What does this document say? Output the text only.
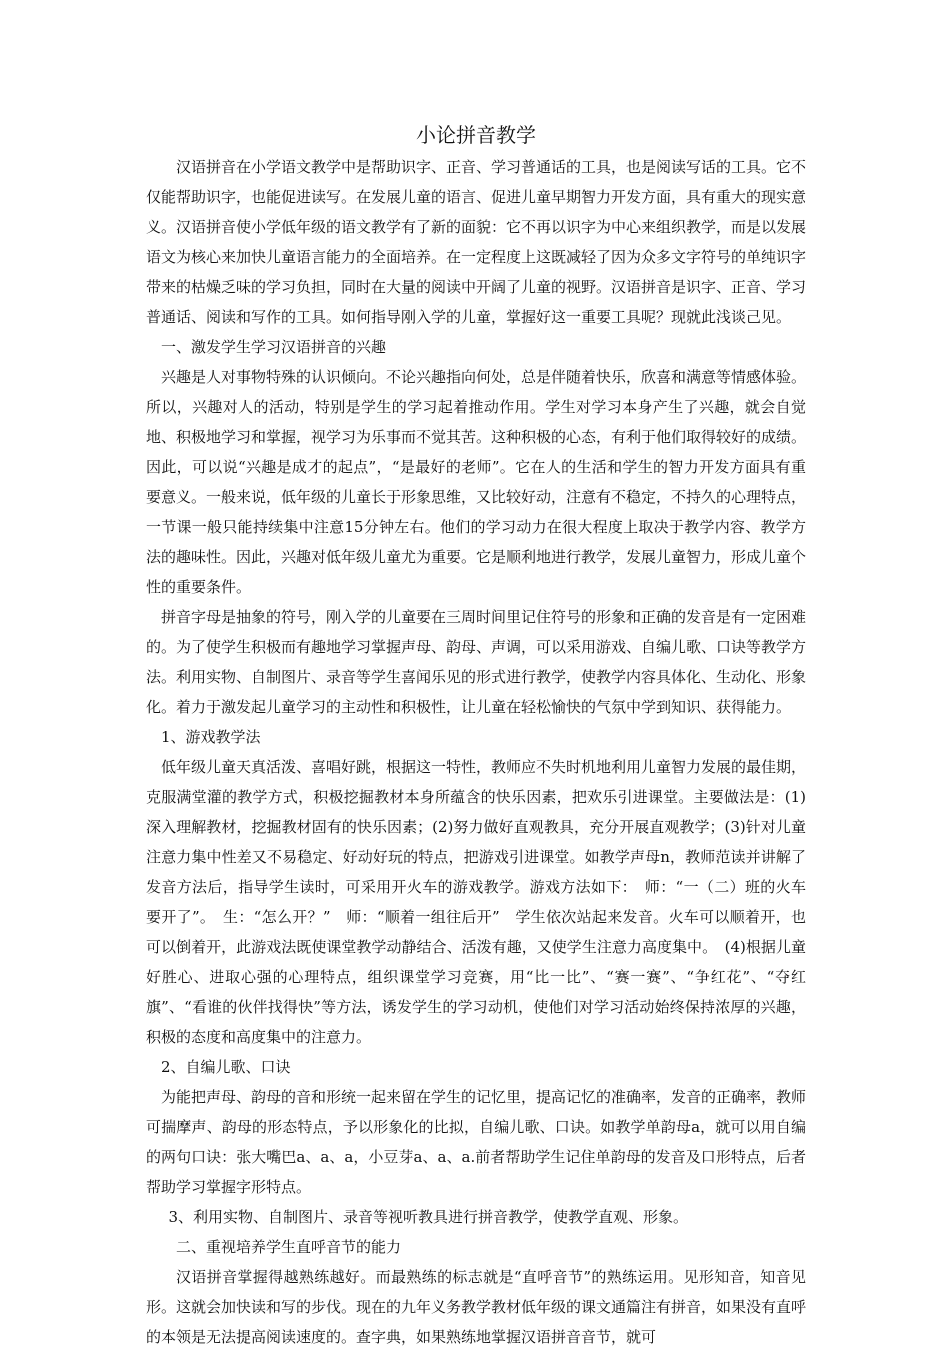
小论拼音教学

汉语拼音在小学语文教学中是帮助识字、正音、学习普通话的工具，也是阅读写话的工具。它不仅能帮助识字，也能促进读写。在发展儿童的语言、促进儿童早期智力开发方面，具有重大的现实意义。汉语拼音使小学低年级的语文教学有了新的面貌：它不再以识字为中心来组织教学，而是以发展语文为核心来加快儿童语言能力的全面培养。在一定程度上这既减轻了因为众多文字符号的单纯识字带来的枯燥乏味的学习负担，同时在大量的阅读中开阔了儿童的视野。汉语拼音是识字、正音、学习普通话、阅读和写作的工具。如何指导刚入学的儿童，掌握好这一重要工具呢？现就此浅谈己见。

一、激发学生学习汉语拼音的兴趣

兴趣是人对事物特殊的认识倾向。不论兴趣指向何处，总是伴随着快乐，欣喜和满意等情感体验。所以，兴趣对人的活动，特别是学生的学习起着推动作用。学生对学习本身产生了兴趣，就会自觉地、积极地学习和掌握，视学习为乐事而不觉其苦。这种积极的心态，有利于他们取得较好的成绩。因此，可以说“兴趣是成才的起点”，“是最好的老师”。它在人的生活和学生的智力开发方面具有重要意义。一般来说，低年级的儿童长于形象思维，又比较好动，注意有不稳定，不持久的心理特点，一节课一般只能持续集中注意15分钟左右。他们的学习动力在很大程度上取决于教学内容、教学方法的趣味性。因此，兴趣对低年级儿童尤为重要。它是顺利地进行教学，发展儿童智力，形成儿童个性的重要条件。

拼音字母是抽象的符号，刚入学的儿童要在三周时间里记住符号的形象和正确的发音是有一定困难的。为了使学生积极而有趣地学习掌握声母、韵母、声调，可以采用游戏、自编儿歌、口诀等教学方法。利用实物、自制图片、录音等学生喜闻乐见的形式进行教学，使教学内容具体化、生动化、形象化。着力于激发起儿童学习的主动性和积极性，让儿童在轻松愉快的气氛中学到知识、获得能力。

1、游戏教学法

低年级儿童天真活泼、喜唱好跳，根据这一特性，教师应不失时机地利用儿童智力发展的最佳期，克服满堂灌的教学方式，积极挖掘教材本身所蕴含的快乐因素，把欢乐引进课堂。主要做法是：(1)深入理解教材，挖掘教材固有的快乐因素；(2)努力做好直观教具，充分开展直观教学；(3)针对儿童注意力集中性差又不易稳定、好动好玩的特点，把游戏引进课堂。如教学声母n，教师范读并讲解了发音方法后，指导学生读时，可采用开火车的游戏教学。游戏方法如下：　师：“一（二）班的火车要开了”。　生：“怎么开？”　师：“顺着一组往后开”　学生依次站起来发音。火车可以顺着开，也可以倒着开，此游戏法既使课堂教学动静结合、活泼有趣，又使学生注意力高度集中。　(4)根据儿童好胜心、进取心强的心理特点，组织课堂学习竞赛，用“比一比”、“赛一赛”、“争红花”、“夺红旗”、“看谁的伙伴找得快”等方法，诱发学生的学习动机，使他们对学习活动始终保持浓厚的兴趣，积极的态度和高度集中的注意力。

2、自编儿歌、口诀

为能把声母、韵母的音和形统一起来留在学生的记忆里，提高记忆的准确率，发音的正确率，教师可揣摩声、韵母的形态特点，予以形象化的比拟，自编儿歌、口诀。如教学单韵母a，就可以用自编的两句口诀：张大嘴巴a、a、a，小豆芽a、a、a.前者帮助学生记住单韵母的发音及口形特点，后者帮助学习掌握字形特点。

3、利用实物、自制图片、录音等视听教具进行拼音教学，使教学直观、形象。

二、重视培养学生直呼音节的能力

汉语拼音掌握得越熟练越好。而最熟练的标志就是“直呼音节”的熟练运用。见形知音，知音见形。这就会加快读和写的步伐。现在的九年义务教学教材低年级的课文通篇注有拼音，如果没有直呼的本领是无法提高阅读速度的。查字典，如果熟练地掌握汉语拼音音节，就可
